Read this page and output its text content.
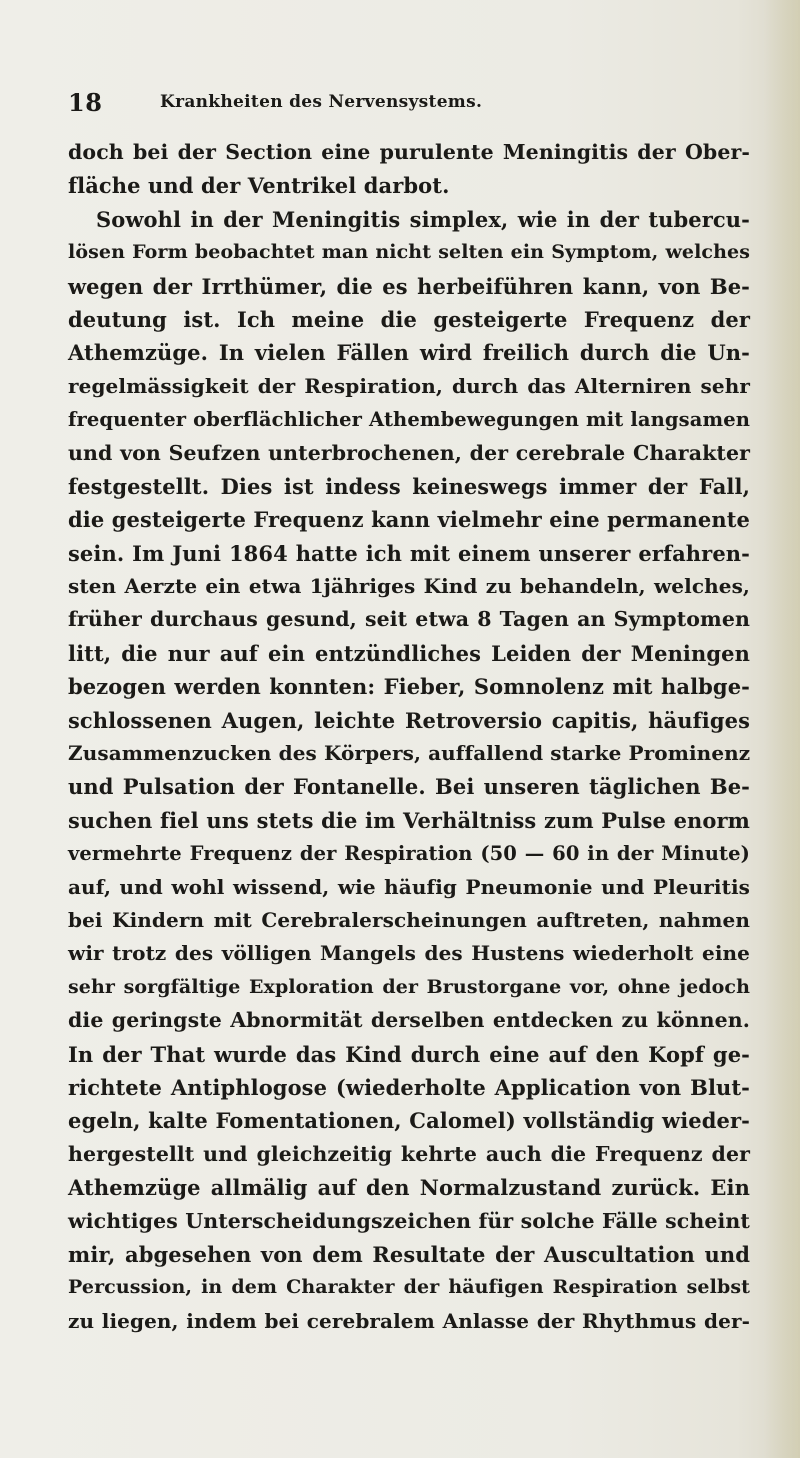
18	Krankheiten des Nervensystems.
doch bei der Section eine purulente Meningitis der Ober-
fläche und der Ventrikel darbot.
Sowohl in der Meningitis simplex, wie in der tubercu-
lösen Form beobachtet man nicht selten ein Symptom, welches
wegen der Irrthümer, die es herbeiführen kann, von Be-
deutung ist. Ich meine die gesteigerte Frequenz der
Athemzüge. In vielen Fällen wird freilich durch die Un-
regelmässigkeit der Respiration, durch das Alterniren sehr
frequenter oberflächlicher Athembewegungen mit langsamen
und von Seufzen unterbrochenen, der cerebrale Charakter
festgestellt. Dies ist indess keineswegs immer der Fall,
die gesteigerte Frequenz kann vielmehr eine permanente
sein. Im Juni 1864 hatte ich mit einem unserer erfahren-
sten Aerzte ein etwa 1jähriges Kind zu behandeln, welches,
früher durchaus gesund, seit etwa 8 Tagen an Symptomen
litt, die nur auf ein entzündliches Leiden der Meningen
bezogen werden konnten: Fieber, Somnolenz mit halbge-
schlossenen Augen, leichte Retroversio capitis, häufiges
Zusammenzucken des Körpers, auffallend starke Prominenz
und Pulsation der Fontanelle. Bei unseren täglichen Be-
suchen fiel uns stets die im Verhältniss zum Pulse enorm
vermehrte Frequenz der Respiration (50 — 60 in der Minute)
auf, und wohl wissend, wie häufig Pneumonie und Pleuritis
bei Kindern mit Cerebralerscheinungen auftreten, nahmen
wir trotz des völligen Mangels des Hustens wiederholt eine
sehr sorgfältige Exploration der Brustorgane vor, ohne jedoch
die geringste Abnormität derselben entdecken zu können.
In der That wurde das Kind durch eine auf den Kopf ge-
richtete Antiphlogose (wiederholte Application von Blut-
egeln, kalte Fomentationen, Calomel) vollständig wieder-
hergestellt und gleichzeitig kehrte auch die Frequenz der
Athemzüge allmälig auf den Normalzustand zurück. Ein
wichtiges Unterscheidungszeichen für solche Fälle scheint
mir, abgesehen von dem Resultate der Auscultation und
Percussion, in dem Charakter der häufigen Respiration selbst
zu liegen, indem bei cerebralem Anlasse der Rhythmus der-
